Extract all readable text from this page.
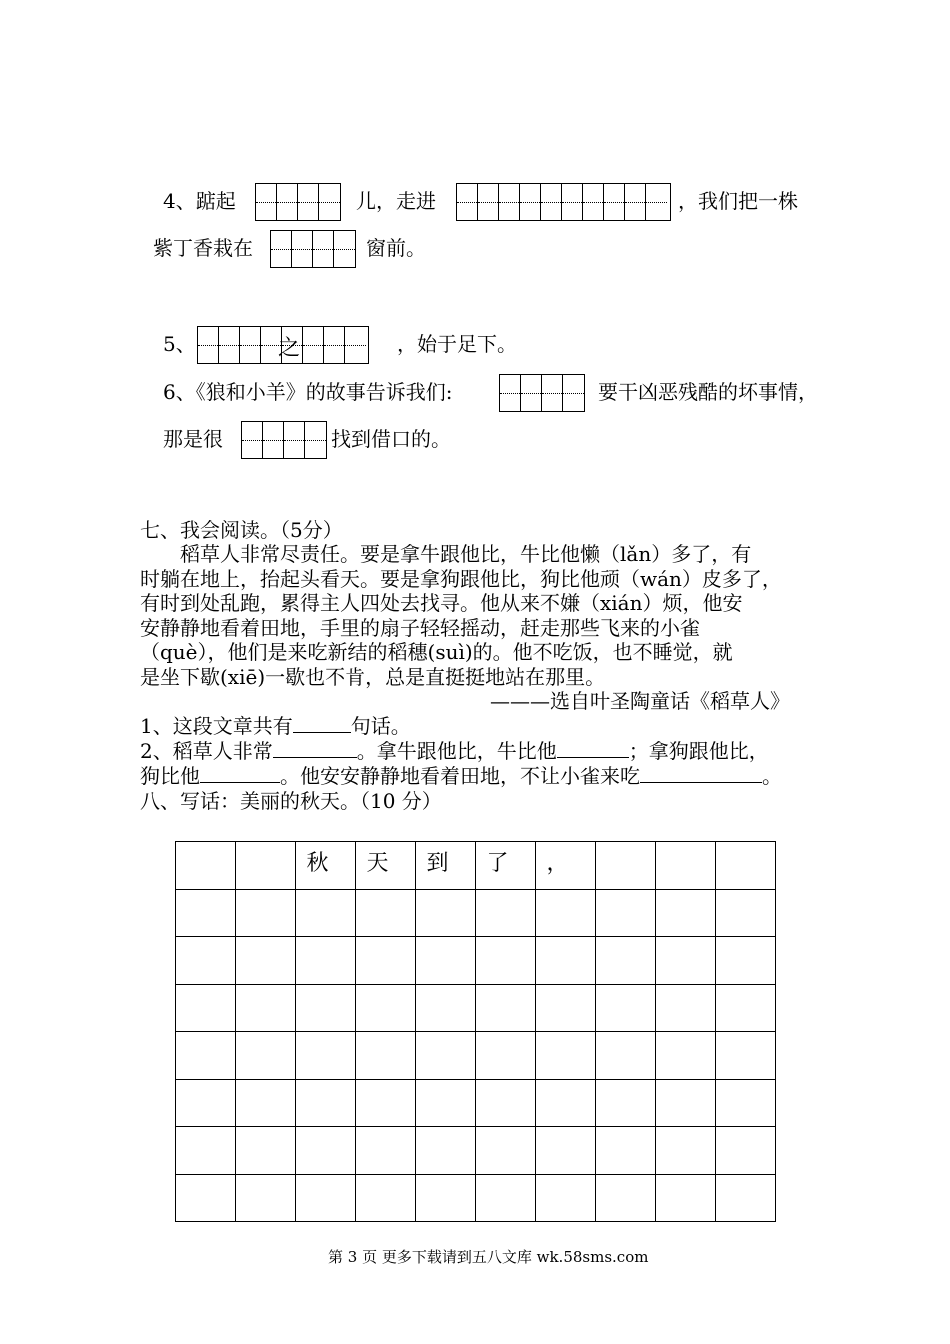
4、踮起	儿，走进	，我们把一株
紫丁香栽在	窗前。
5、	之	，始于足下。
6、《狼和小羊》的故事告诉我们:	要干凶恶残酷的坏事情，
那是很	找到借口的。
七、我会阅读。（5分）
　　稻草人非常尽责任。要是拿牛跟他比，牛比他懒（lǎn）多了，有
时躺在地上，抬起头看天。要是拿狗跟他比，狗比他顽（wán）皮多了，
有时到处乱跑，累得主人四处去找寻。他从来不嫌（xián）烦，他安
安静静地看着田地，手里的扇子轻轻摇动，赶走那些飞来的小雀
（què），他们是来吃新结的稻穗(suì)的。他不吃饭，也不睡觉，就
是坐下歇(xiē)一歇也不肯，总是直挺挺地站在那里。
———选自叶圣陶童话《稻草人》
1、这段文章共有	句话。
2、稻草人非常	。拿牛跟他比，牛比他	；拿狗跟他比，
狗比他	。他安安静静地看着田地，不让小雀来吃	。
八、写话：美丽的秋天。（10 分）

		秋	天	到	了	，			

第 3 页 更多下载请到五八文库 wk.58sms.com
